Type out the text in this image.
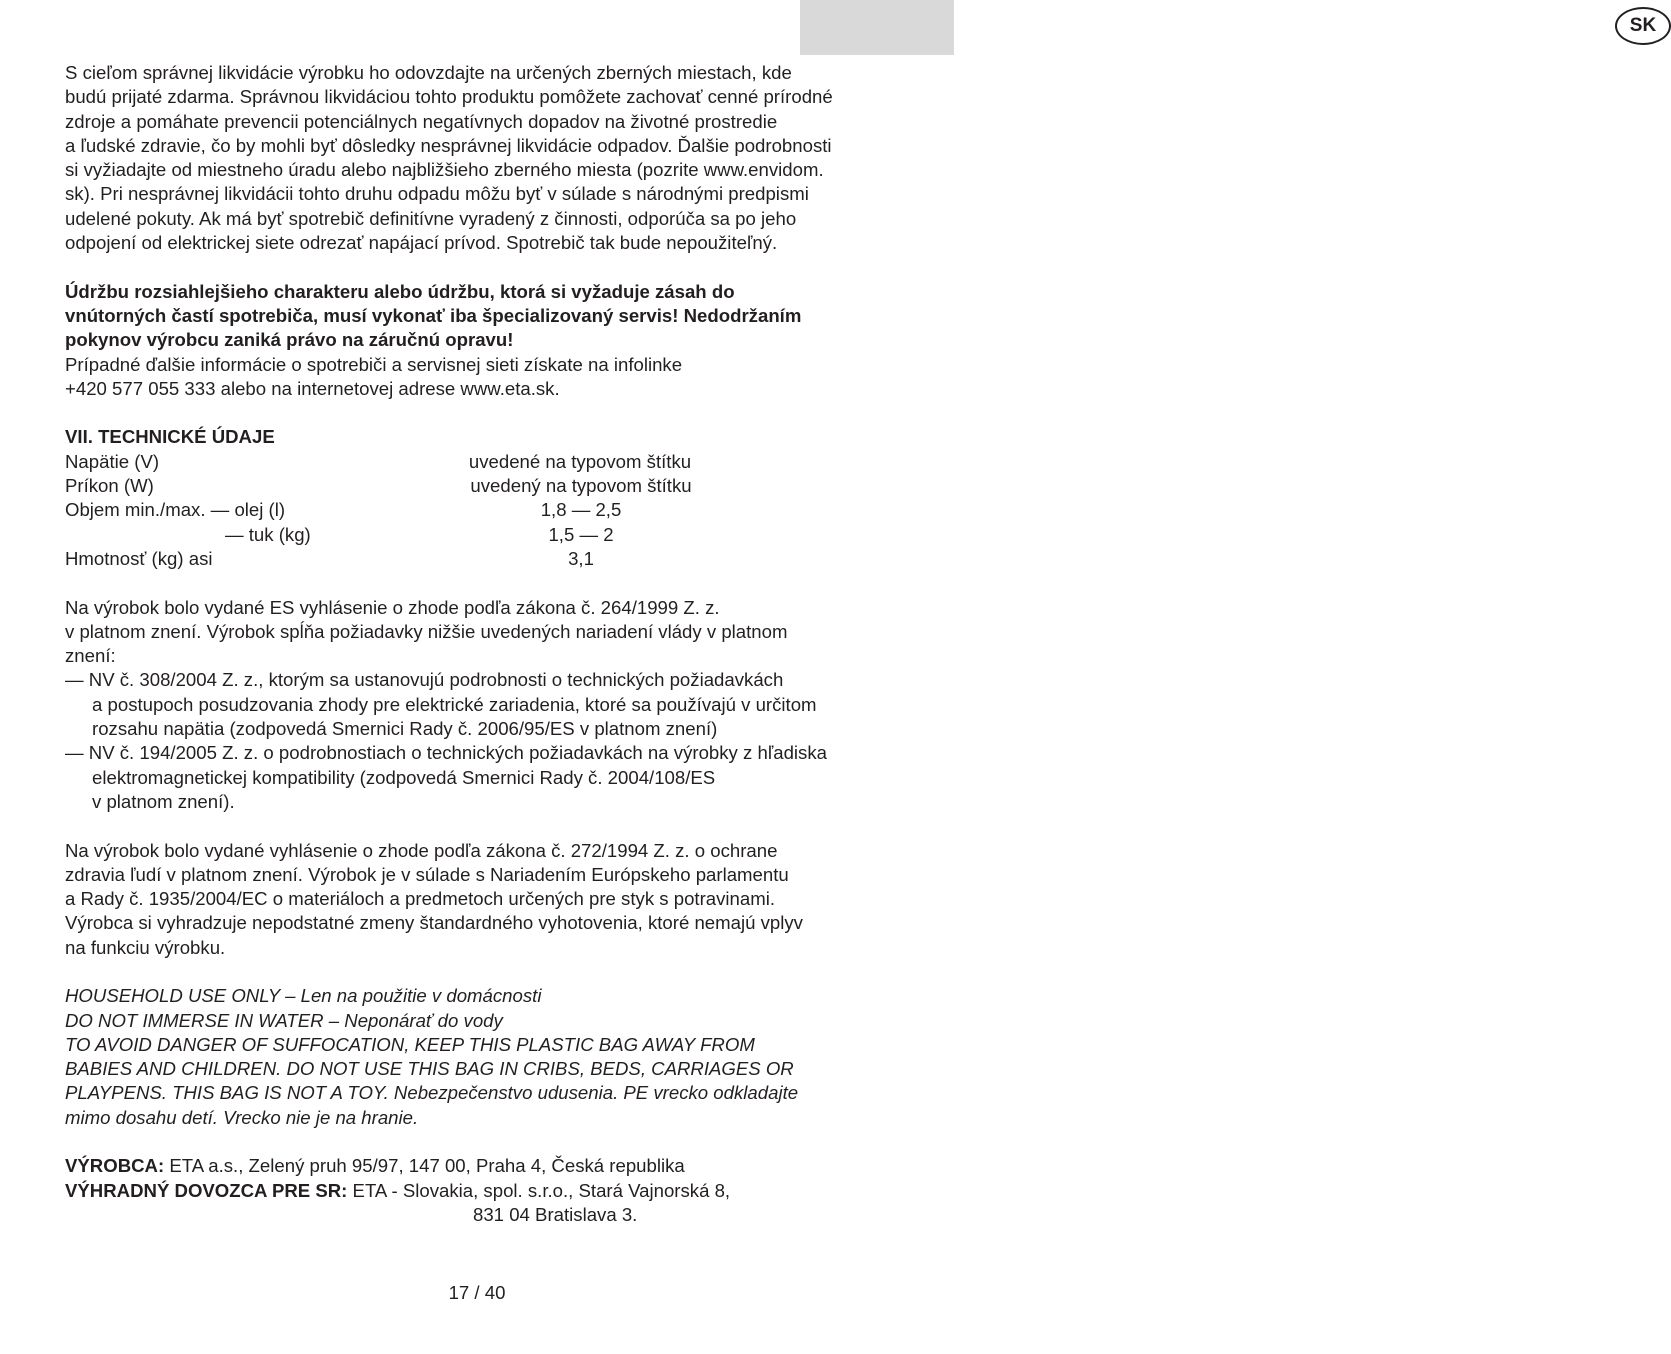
SK

S cieľom správnej likvidácie výrobku ho odovzdajte na určených zberných miestach, kde

budú prijaté zdarma. Správnou likvidáciou tohto produktu pomôžete zachovať cenné prírodné

zdroje a pomáhate prevencii potenciálnych negatívnych dopadov na životné prostredie

a ľudské zdravie, čo by mohli byť dôsledky nesprávnej likvidácie odpadov. Ďalšie podrobnosti

si vyžiadajte od miestneho úradu alebo najbližšieho zberného miesta (pozrite www.envidom.

sk). Pri nesprávnej likvidácii tohto druhu odpadu môžu byť v súlade s národnými predpismi

udelené pokuty. Ak má byť spotrebič definitívne vyradený z činnosti, odporúča sa po jeho

odpojení od elektrickej siete odrezať napájací prívod. Spotrebič tak bude nepoužiteľný.

Údržbu rozsiahlejšieho charakteru alebo údržbu, ktorá si vyžaduje zásah do

vnútorných častí spotrebiča, musí vykonať iba špecializovaný servis! Nedodržaním

pokynov výrobcu zaniká právo na záručnú opravu!

Prípadné ďalšie informácie o spotrebiči a servisnej sieti získate na infolinke

+420 577 055 333 alebo na internetovej adrese www.eta.sk.

VII. TECHNICKÉ ÚDAJE

Napätie (V)	uvedené na typovom štítku
Príkon (W)	uvedený na typovom štítku
Objem min./max. — olej (l)	1,8 — 2,5
— tuk (kg)	1,5 — 2
Hmotnosť (kg) asi	3,1

Na výrobok bolo vydané ES vyhlásenie o zhode podľa zákona č. 264/1999 Z. z.

v platnom znení. Výrobok spĺňa požiadavky nižšie uvedených nariadení vlády v platnom

znení:

— NV č. 308/2004 Z. z., ktorým sa ustanovujú podrobnosti o technických požiadavkách

a postupoch posudzovania zhody pre elektrické zariadenia, ktoré sa používajú v určitom

rozsahu napätia (zodpovedá Smernici Rady č. 2006/95/ES v platnom znení)

— NV č. 194/2005 Z. z. o podrobnostiach o technických požiadavkách na výrobky z hľadiska

elektromagnetickej kompatibility (zodpovedá Smernici Rady č. 2004/108/ES

v platnom znení).

Na výrobok bolo vydané vyhlásenie o zhode podľa zákona č. 272/1994 Z. z. o ochrane

zdravia ľudí v platnom znení. Výrobok je v súlade s Nariadením Európskeho parlamentu

a Rady č. 1935/2004/EC o materiáloch a predmetoch určených pre styk s potravinami.

Výrobca si vyhradzuje nepodstatné zmeny štandardného vyhotovenia, ktoré nemajú vplyv

na funkciu výrobku.

HOUSEHOLD USE ONLY – Len na použitie v domácnosti

DO NOT IMMERSE IN WATER – Neponárať do vody

TO AVOID DANGER OF SUFFOCATION, KEEP THIS PLASTIC BAG AWAY FROM

BABIES AND CHILDREN. DO NOT USE THIS BAG IN CRIBS, BEDS, CARRIAGES OR

PLAYPENS. THIS BAG IS NOT A TOY. Nebezpečenstvo udusenia. PE vrecko odkladajte

mimo dosahu detí. Vrecko nie je na hranie.

VÝROBCA: ETA a.s., Zelený pruh 95/97, 147 00, Praha 4, Česká republika

VÝHRADNÝ DOVOZCA PRE SR: ETA - Slovakia, spol. s.r.o., Stará Vajnorská 8,

831 04 Bratislava 3.

17 / 40
